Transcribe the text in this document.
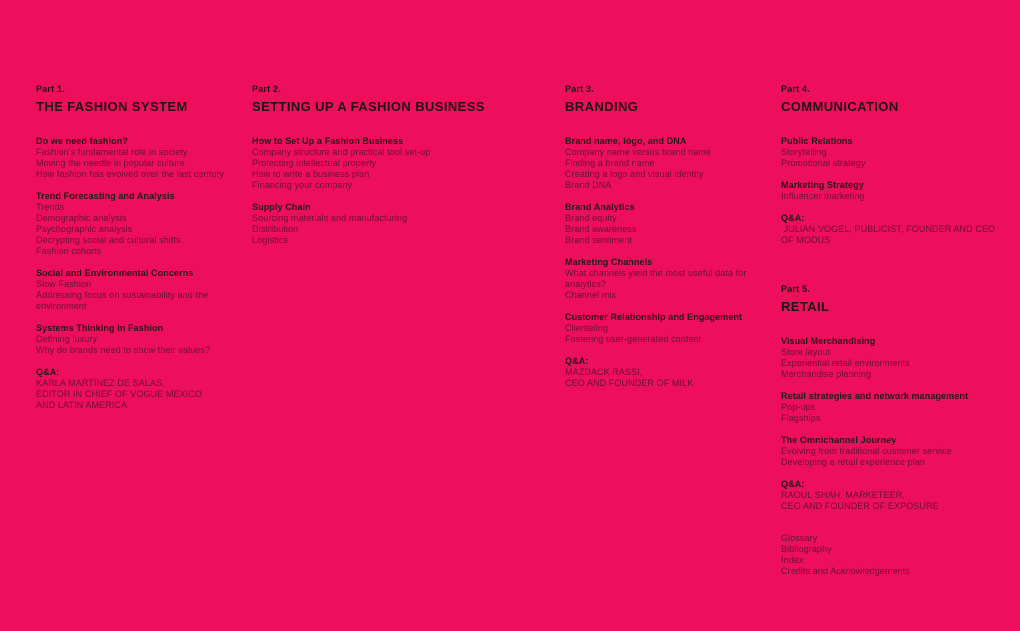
Part 1.
THE FASHION SYSTEM
Do we need fashion?
Fashion's fundamental role in society
Moving the needle in popular culture
How fashion has evolved over the last century
Trend Forecasting and Analysis
Trends
Demographic analysis
Psychographic analysis
Decrypting social and cultural shifts
Fashion cohorts
Social and Environmental Concerns
Slow Fashion
Addressing focus on sustainability and the environment
Systems Thinking in Fashion
Defining luxury
Why do brands need to show their values?
Q&A:
KARLA MARTINEZ DE SALAS,
EDITOR IN CHIEF OF VOGUE MEXICO
AND LATIN AMERICA
Part 2.
SETTING UP A FASHION BUSINESS
How to Set Up a Fashion Business
Company structure and practical tool set-up
Protecting intellectual property
How to write a business plan
Financing your company
Supply Chain
Sourcing materials and manufacturing
Distribution
Logistics
Part 3.
BRANDING
Brand name, logo, and DNA
Company name versus brand name
Finding a brand name
Creating a logo and visual identity
Brand DNA
Brand Analytics
Brand equity
Brand awareness
Brand sentiment
Marketing Channels
What channels yield the most useful data for analytics?
Channel mix
Customer Relationship and Engagement
Clienteling
Fostering user-generated content
Q&A:
MAZDACK RASSI,
CEO AND FOUNDER OF MILK
Part 4.
COMMUNICATION
Public Relations
Storytelling
Promotional strategy
Marketing Strategy
Influencer marketing
Q&A:
JULIAN VOGEL, PUBLICIST, FOUNDER AND CEO
OF MODUS
Part 5.
RETAIL
Visual Merchandising
Store layout
Experiential retail environments
Merchandise planning
Retail strategies and network management
Pop-ups
Flagships
The Omnichannel Journey
Evolving from traditional customer service
Developing a retail experience plan
Q&A:
RAOUL SHAH, MARKETEER,
CEO AND FOUNDER OF EXPOSURE
Glossary
Bibliography
Index
Credits and Acknowledgements
